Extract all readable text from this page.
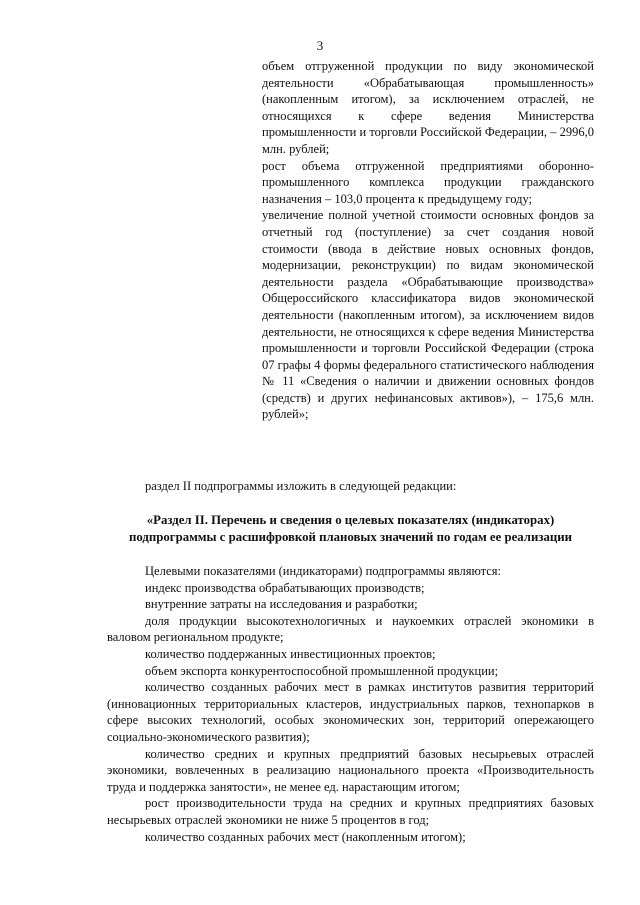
3

объем отгруженной продукции по виду экономической деятельности «Обрабатывающая промышленность» (накопленным итогом), за исключением отраслей, не относящихся к сфере ведения Министерства промышленности и торговли Российской Федерации, – 2996,0 млн. рублей;

рост объема отгруженной предприятиями оборонно-промышленного комплекса продукции гражданского назначения – 103,0 процента к предыдущему году;

увеличение полной учетной стоимости основных фондов за отчетный год (поступление) за счет создания новой стоимости (ввода в действие новых основных фондов, модернизации, реконструкции) по видам экономической деятельности раздела «Обрабатывающие производства» Общероссийского классификатора видов экономической деятельности (накопленным итогом), за исключением видов деятельности, не относящихся к сфере ведения Министерства промышленности и торговли Российской Федерации (строка 07 графы 4 формы федерального статистического наблюдения № 11 «Сведения о наличии и движении основных фондов (средств) и других нефинансовых активов»), – 175,6 млн. рублей»;

раздел II подпрограммы изложить в следующей редакции:

«Раздел II. Перечень и сведения о целевых показателях (индикаторах)

подпрограммы с расшифровкой плановых значений по годам ее реализации

Целевыми показателями (индикаторами) подпрограммы являются:

индекс производства обрабатывающих производств;

внутренние затраты на исследования и разработки;

доля продукции высокотехнологичных и наукоемких отраслей экономики в валовом региональном продукте;

количество поддержанных инвестиционных проектов;

объем экспорта конкурентоспособной промышленной продукции;

количество созданных рабочих мест в рамках институтов развития территорий (инновационных территориальных кластеров, индустриальных парков, технопарков в сфере высоких технологий, особых экономических зон, территорий опережающего социально-экономического развития);

количество средних и крупных предприятий базовых несырьевых отраслей экономики, вовлеченных в реализацию национального проекта «Производительность труда и поддержка занятости», не менее ед. нарастающим итогом;

рост производительности труда на средних и крупных предприятиях базовых несырьевых отраслей экономики не ниже 5 процентов в год;

количество созданных рабочих мест (накопленным итогом);
